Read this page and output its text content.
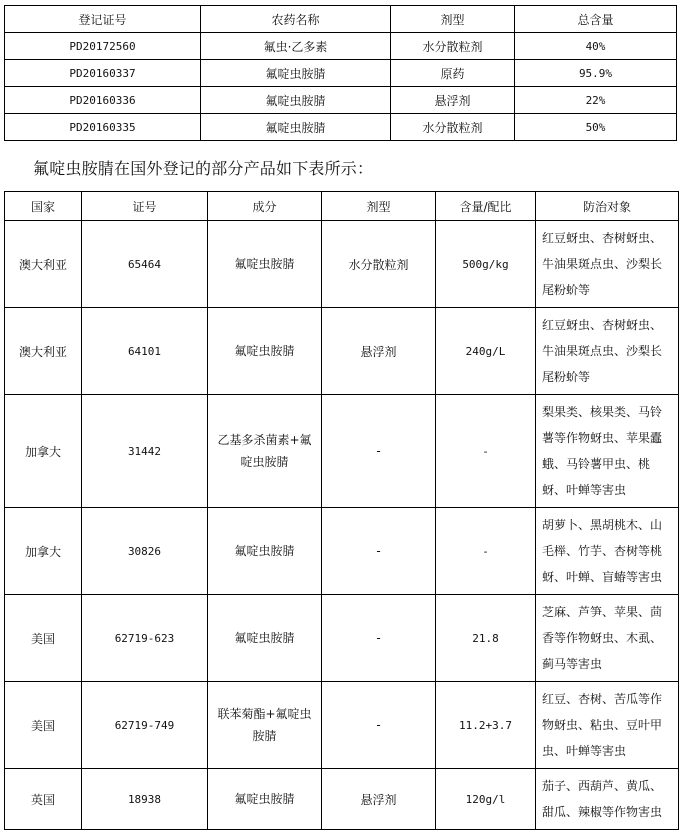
登记证号	农药名称	剂型	总含量
PD20172560	氟虫·乙多素	水分散粒剂	40%
PD20160337	氟啶虫胺腈	原药	95.9%
PD20160336	氟啶虫胺腈	悬浮剂	22%
PD20160335	氟啶虫胺腈	水分散粒剂	50%
氟啶虫胺腈在国外登记的部分产品如下表所示：
国家	证号	成分	剂型	含量/配比	防治对象
澳大利亚	65464	氟啶虫胺腈	水分散粒剂	500g/kg	红豆蚜虫、杏树蚜虫、牛油果斑点虫、沙梨长尾粉蚧等
澳大利亚	64101	氟啶虫胺腈	悬浮剂	240g/L	红豆蚜虫、杏树蚜虫、牛油果斑点虫、沙梨长尾粉蚧等
加拿大	31442	乙基多杀菌素+氟啶虫胺腈	-	-	梨果类、核果类、马铃薯等作物蚜虫、苹果蠹蛾、马铃薯甲虫、桃蚜、叶蝉等害虫
加拿大	30826	氟啶虫胺腈	-	-	胡萝卜、黑胡桃木、山毛榉、竹芋、杏树等桃蚜、叶蝉、盲蝽等害虫
美国	62719-623	氟啶虫胺腈	-	21.8	芝麻、芦笋、苹果、茴香等作物蚜虫、木虱、蓟马等害虫
美国	62719-749	联苯菊酯+氟啶虫胺腈	-	11.2+3.7	红豆、杏树、苦瓜等作物蚜虫、粘虫、豆叶甲虫、叶蝉等害虫
英国	18938	氟啶虫胺腈	悬浮剂	120g/l	茄子、西葫芦、黄瓜、甜瓜、辣椒等作物害虫
